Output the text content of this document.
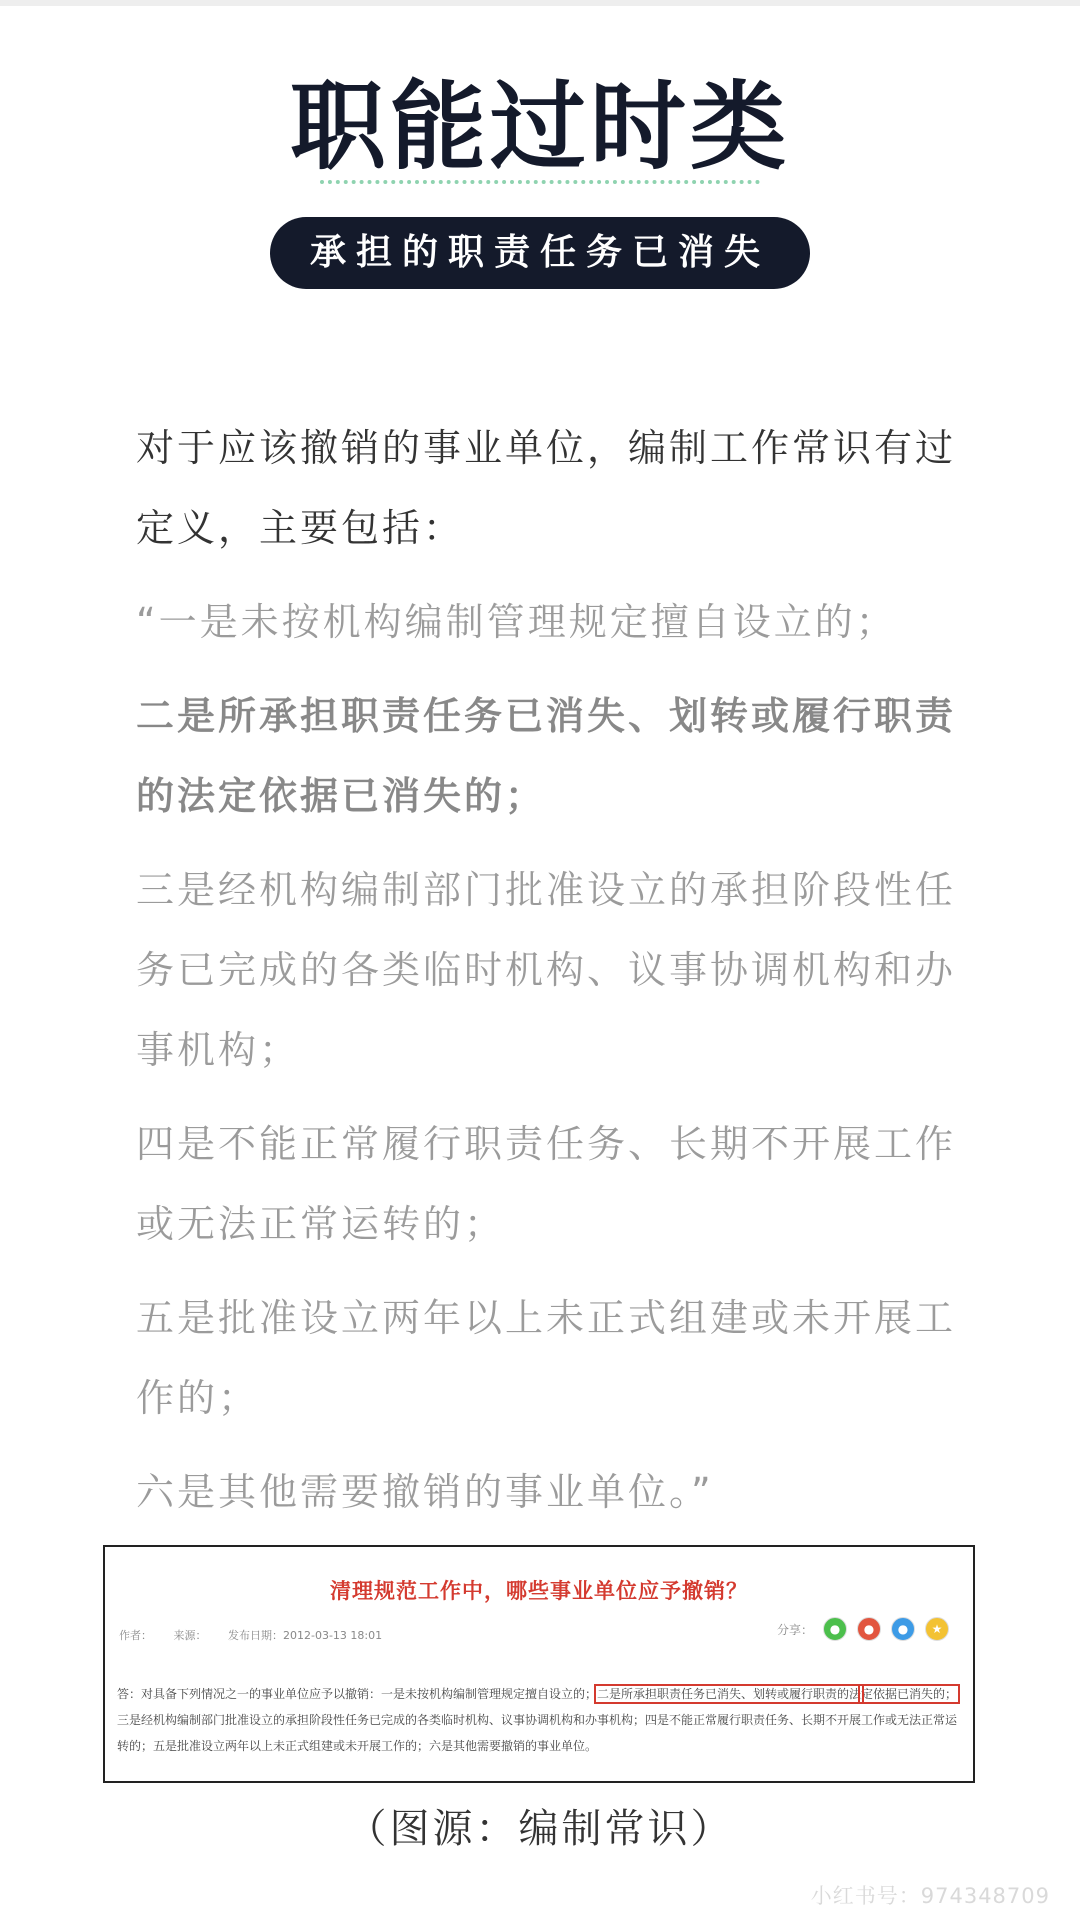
职能过时类
承担的职责任务已消失

对于应该撤销的事业单位，编制工作常识有过定义，主要包括：

“一是未按机构编制管理规定擅自设立的；

二是所承担职责任务已消失、划转或履行职责的法定依据已消失的；

三是经机构编制部门批准设立的承担阶段性任务已完成的各类临时机构、议事协调机构和办事机构；

四是不能正常履行职责任务、长期不开展工作或无法正常运转的；

五是批准设立两年以上未正式组建或未开展工作的；

六是其他需要撤销的事业单位。”

清理规范工作中，哪些事业单位应予撤销？
作者： 来源： 发布日期：2012-03-13 18:01	分享：	●	●	●	★
答：对具备下列情况之一的事业单位应予以撤销：一是未按机构编制管理规定擅自设立的；二是所承担职责任务已消失、划转或履行职责的法定依据已消失的；三是经机构编制部门批准设立的承担阶段性任务已完成的各类临时机构、议事协调机构和办事机构；四是不能正常履行职责任务、长期不开展工作或无法正常运转的；五是批准设立两年以上未正式组建或未开展工作的；六是其他需要撤销的事业单位。
（图源：编制常识）
小红书号：974348709
